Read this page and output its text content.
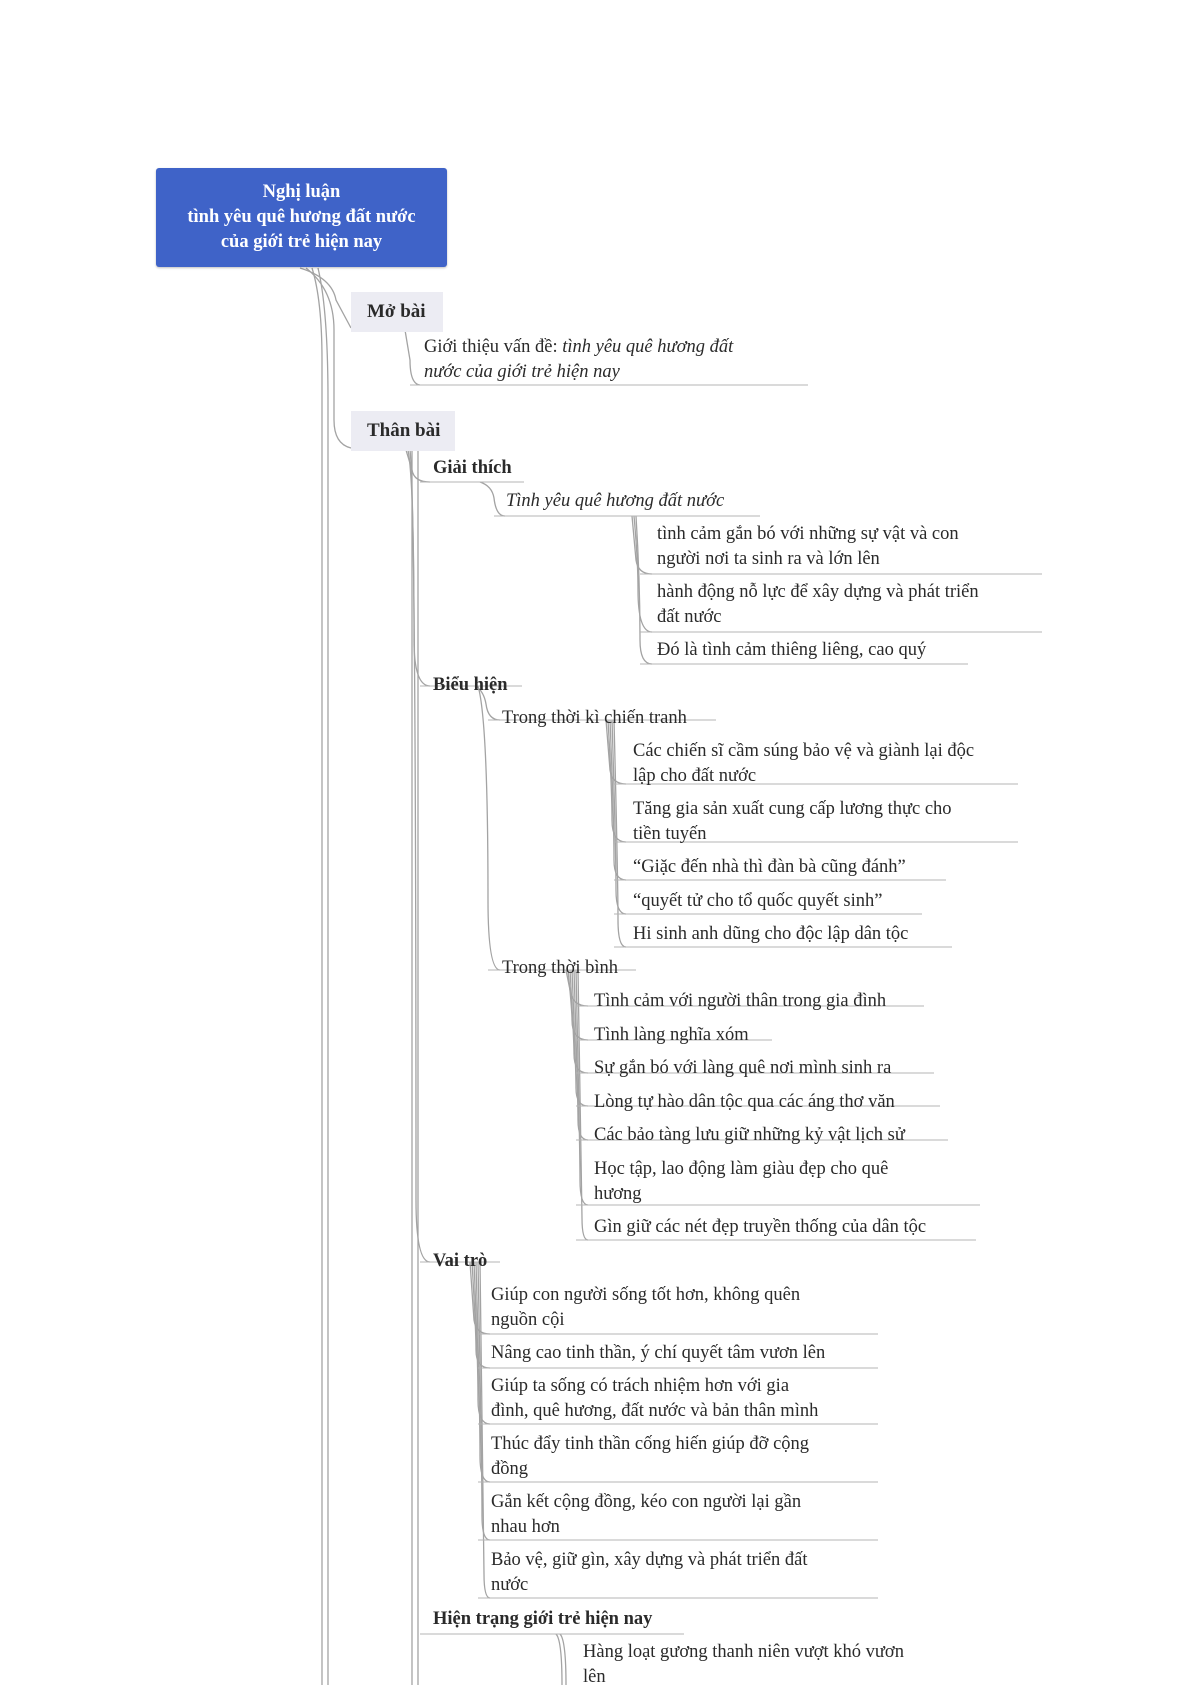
Nghị luận
tình yêu quê hương đất nước
của giới trẻ hiện nay
Mở bài
Giới thiệu vấn đề: tình yêu quê hương đất
nước của giới trẻ hiện nay
Thân bài
Giải thích
Tình yêu quê hương đất nước
tình cảm gắn bó với những sự vật và con
người nơi ta sinh ra và lớn lên
hành động nỗ lực để xây dựng và phát triển
đất nước
Đó là tình cảm thiêng liêng, cao quý
Biểu hiện
Trong thời kì chiến tranh
Các chiến sĩ cầm súng bảo vệ và giành lại độc
lập cho đất nước
Tăng gia sản xuất cung cấp lương thực cho
tiền tuyến
“Giặc đến nhà thì đàn bà cũng đánh”
“quyết tử cho tổ quốc quyết sinh”
Hi sinh anh dũng cho độc lập dân tộc
Trong thời bình
Tình cảm với người thân trong gia đình
Tình làng nghĩa xóm
Sự gắn bó với làng quê nơi mình sinh ra
Lòng tự hào dân tộc qua các áng thơ văn
Các bảo tàng lưu giữ những kỷ vật lịch sử
Học tập, lao động làm giàu đẹp cho quê
hương
Gìn giữ các nét đẹp truyền thống của dân tộc
Vai trò
Giúp con người sống tốt hơn, không quên
nguồn cội
Nâng cao tinh thần, ý chí quyết tâm vươn lên
Giúp ta sống có trách nhiệm hơn với gia
đình, quê hương, đất nước và bản thân mình
Thúc đẩy tinh thần cống hiến giúp đỡ cộng
đồng
Gắn kết cộng đồng, kéo con người lại gần
nhau hơn
Bảo vệ, giữ gìn, xây dựng và phát triển đất
nước
Hiện trạng giới trẻ hiện nay
Hàng loạt gương thanh niên vượt khó vươn
lên
